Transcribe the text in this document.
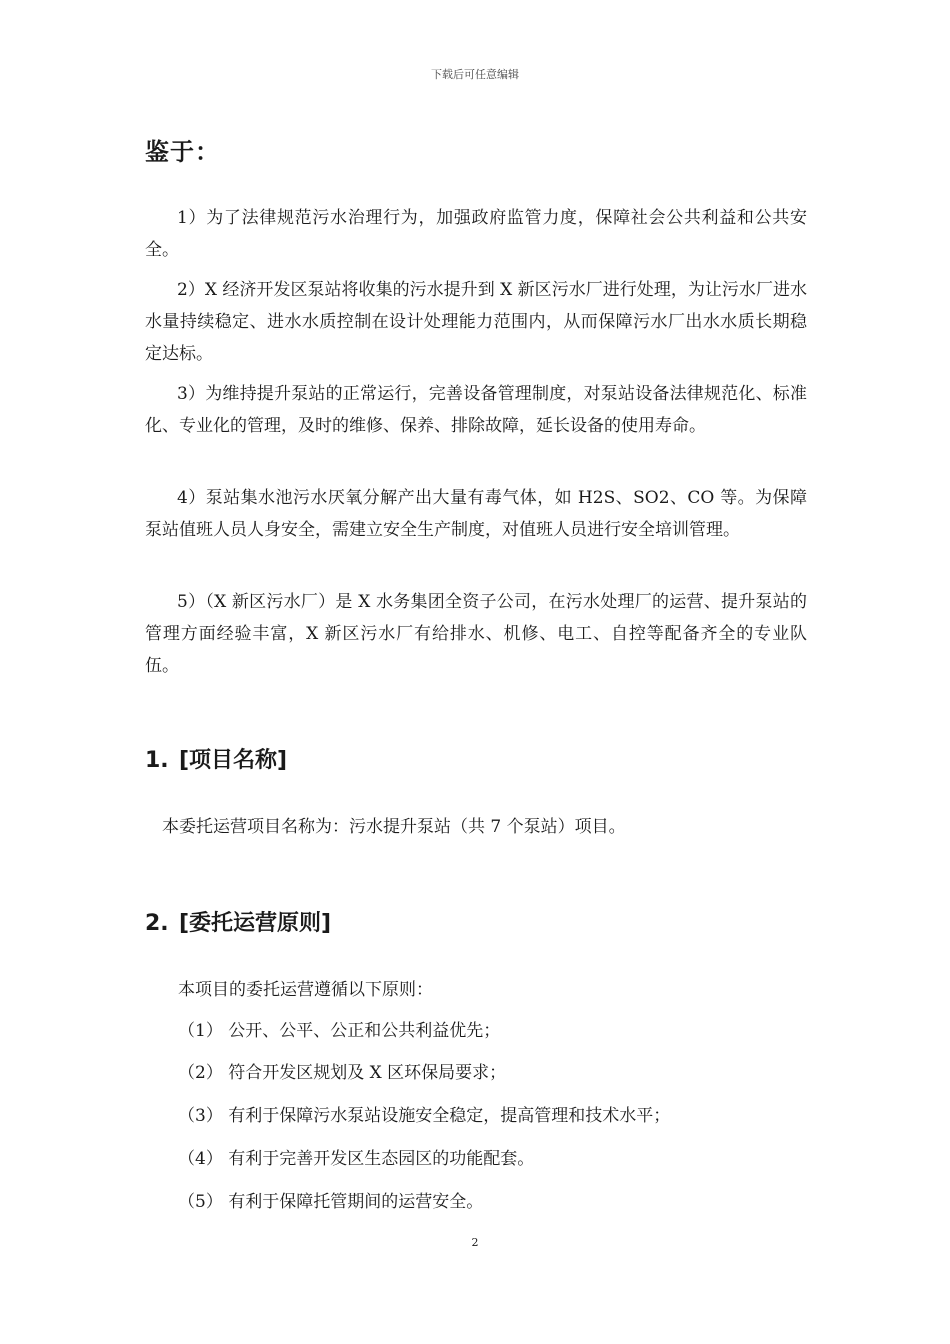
下载后可任意编辑
鉴于：
1）为了法律规范污水治理行为，加强政府监管力度，保障社会公共利益和公共安全。
2）X 经济开发区泵站将收集的污水提升到 X 新区污水厂进行处理，为让污水厂进水水量持续稳定、进水水质控制在设计处理能力范围内，从而保障污水厂出水水质长期稳定达标。
3）为维持提升泵站的正常运行，完善设备管理制度，对泵站设备法律规范化、标准化、专业化的管理，及时的维修、保养、排除故障，延长设备的使用寿命。
4）泵站集水池污水厌氧分解产出大量有毒气体，如 H2S、SO2、CO 等。为保障泵站值班人员人身安全，需建立安全生产制度，对值班人员进行安全培训管理。
5）（X 新区污水厂）是 X 水务集团全资子公司，在污水处理厂的运营、提升泵站的管理方面经验丰富，X 新区污水厂有给排水、机修、电工、自控等配备齐全的专业队伍。
1. [项目名称]
本委托运营项目名称为：污水提升泵站（共 7 个泵站）项目。
2. [委托运营原则]
本项目的委托运营遵循以下原则：
（1） 公开、公平、公正和公共利益优先；
（2） 符合开发区规划及 X 区环保局要求；
（3） 有利于保障污水泵站设施安全稳定，提高管理和技术水平；
（4） 有利于完善开发区生态园区的功能配套。
（5） 有利于保障托管期间的运营安全。
2
